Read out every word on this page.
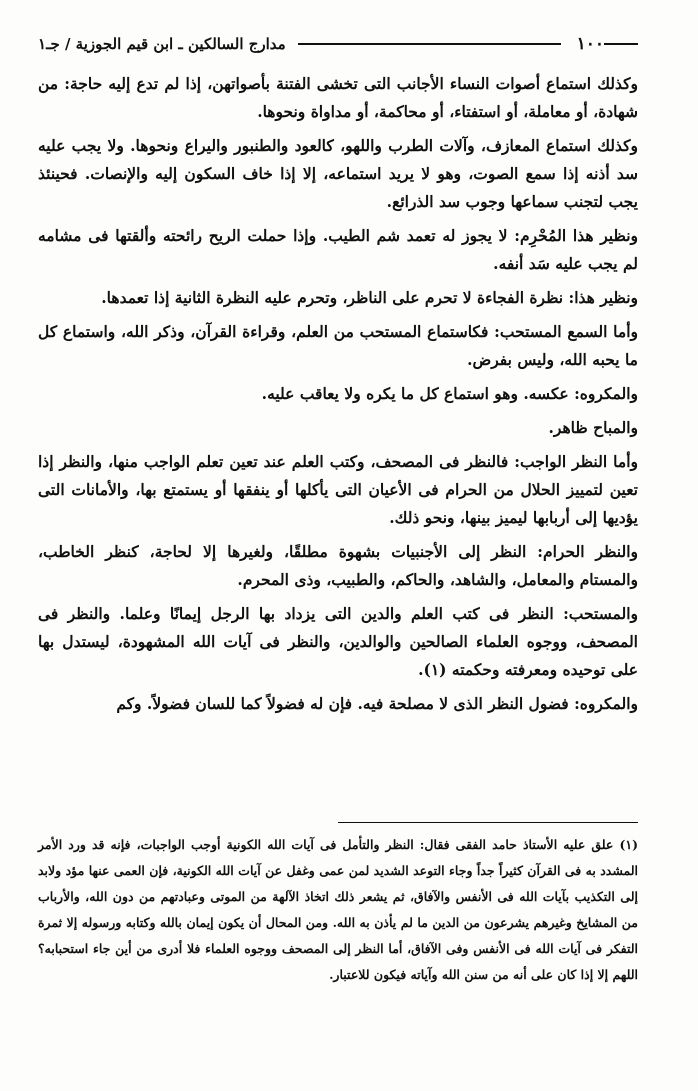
١٠٠
مدارج السالكين ـ ابن قيم الجوزية / جـ١

وكذلك استماع أصوات النساء الأجانب التى تخشى الفتنة بأصواتهن، إذا لم تدع إليه حاجة: من شهادة، أو معاملة، أو استفتاء، أو محاكمة، أو مداواة ونحوها.

وكذلك استماع المعازف، وآلات الطرب واللهو، كالعود والطنبور واليراع ونحوها. ولا يجب عليه سد أذنه إذا سمع الصوت، وهو لا يريد استماعه، إلا إذا خاف السكون إليه والإنصات. فحينئذ يجب لتجنب سماعها وجوب سد الذرائع.

ونظير هذا المُحْرِم: لا يجوز له تعمد شم الطيب. وإذا حملت الريح رائحته وألقتها فى مشامه لم يجب عليه سَد أنفه.

ونظير هذا: نظرة الفجاءة لا تحرم على الناظر، وتحرم عليه النظرة الثانية إذا تعمدها.

وأما السمع المستحب: فكاستماع المستحب من العلم، وقراءة القرآن، وذكر الله، واستماع كل ما يحبه الله، وليس بفرض.

والمكروه: عكسه. وهو استماع كل ما يكره ولا يعاقب عليه.

والمباح ظاهر.

وأما النظر الواجب: فالنظر فى المصحف، وكتب العلم عند تعين تعلم الواجب منها، والنظر إذا تعين لتمييز الحلال من الحرام فى الأعيان التى يأكلها أو ينفقها أو يستمتع بها، والأمانات التى يؤديها إلى أربابها ليميز بينها، ونحو ذلك.

والنظر الحرام: النظر إلى الأجنبيات بشهوة مطلقًا، ولغيرها إلا لحاجة، كنظر الخاطب، والمستام والمعامل، والشاهد، والحاكم، والطبيب، وذى المحرم.

والمستحب: النظر فى كتب العلم والدين التى يزداد بها الرجل إيمانًا وعلما. والنظر فى المصحف، ووجوه العلماء الصالحين والوالدين، والنظر فى آيات الله المشهودة، ليستدل بها على توحيده ومعرفته وحكمته (١).

والمكروه: فضول النظر الذى لا مصلحة فيه. فإن له فضولاً كما للسان فضولاً. وكم

(١) علق عليه الأستاذ حامد الفقى فقال: النظر والتأمل فى آيات الله الكونية أوجب الواجبات، فإنه قد ورد الأمر المشدد به فى القرآن كثيراً جداً وجاء التوعد الشديد لمن عمى وغفل عن آيات الله الكونية، فإن العمى عنها مؤد ولابد إلى التكذيب بآيات الله فى الأنفس والآفاق، ثم يشعر ذلك اتخاذ الآلهة من الموتى وعبادتهم من دون الله، والأرباب من المشايخ وغيرهم يشرعون من الدين ما لم يأذن به الله. ومن المحال أن يكون إيمان بالله وكتابه ورسوله إلا ثمرة التفكر فى آيات الله فى الأنفس وفى الآفاق، أما النظر إلى المصحف ووجوه العلماء فلا أدرى من أين جاء استحبابه؟ اللهم إلا إذا كان على أنه من سنن الله وآياته فيكون للاعتبار.
